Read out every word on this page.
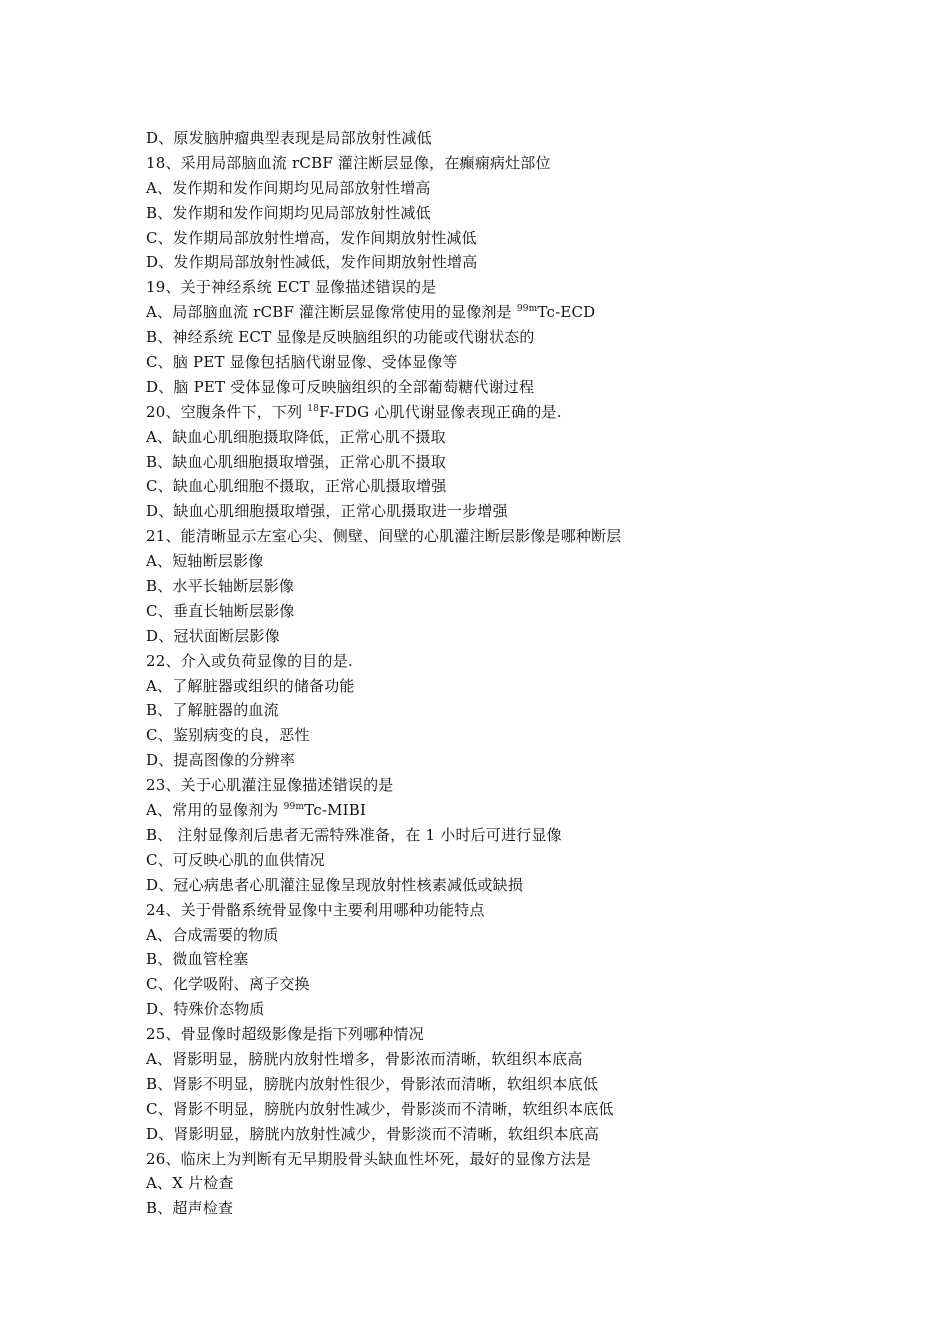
D、原发脑肿瘤典型表现是局部放射性减低
18、采用局部脑血流 rCBF 灌注断层显像，在癫痫病灶部位
A、发作期和发作间期均见局部放射性增高
B、发作期和发作间期均见局部放射性减低
C、发作期局部放射性增高，发作间期放射性减低
D、发作期局部放射性减低，发作间期放射性增高
19、关于神经系统 ECT 显像描述错误的是
A、局部脑血流 rCBF 灌注断层显像常使用的显像剂是 $^{99m}$Tc-ECD
B、神经系统 ECT 显像是反映脑组织的功能或代谢状态的
C、脑 PET 显像包括脑代谢显像、受体显像等
D、脑 PET 受体显像可反映脑组织的全部葡萄糖代谢过程
20、空腹条件下，下列 $^{18}$F-FDG 心肌代谢显像表现正确的是.
A、缺血心肌细胞摄取降低，正常心肌不摄取
B、缺血心肌细胞摄取增强，正常心肌不摄取
C、缺血心肌细胞不摄取，正常心肌摄取增强
D、缺血心肌细胞摄取增强，正常心肌摄取进一步增强
21、能清晰显示左室心尖、侧壁、间壁的心肌灌注断层影像是哪种断层
A、短轴断层影像
B、水平长轴断层影像
C、垂直长轴断层影像
D、冠状面断层影像
22、介入或负荷显像的目的是.
A、了解脏器或组织的储备功能
B、了解脏器的血流
C、鉴别病变的良，恶性
D、提高图像的分辨率
23、关于心肌灌注显像描述错误的是
A、常用的显像剂为 $^{99m}$Tc-MIBI
B、 注射显像剂后患者无需特殊准备，在 1 小时后可进行显像
C、可反映心肌的血供情况
D、冠心病患者心肌灌注显像呈现放射性核素减低或缺损
24、关于骨骼系统骨显像中主要利用哪种功能特点
A、合成需要的物质
B、微血管栓塞
C、化学吸附、离子交换
D、特殊价态物质
25、骨显像时超级影像是指下列哪种情况
A、肾影明显，膀胱内放射性增多，骨影浓而清晰，软组织本底高
B、肾影不明显，膀胱内放射性很少，骨影浓而清晰，软组织本底低
C、肾影不明显，膀胱内放射性减少，骨影淡而不清晰，软组织本底低
D、肾影明显，膀胱内放射性减少，骨影淡而不清晰，软组织本底高
26、临床上为判断有无早期股骨头缺血性坏死，最好的显像方法是
A、X 片检查
B、超声检查
